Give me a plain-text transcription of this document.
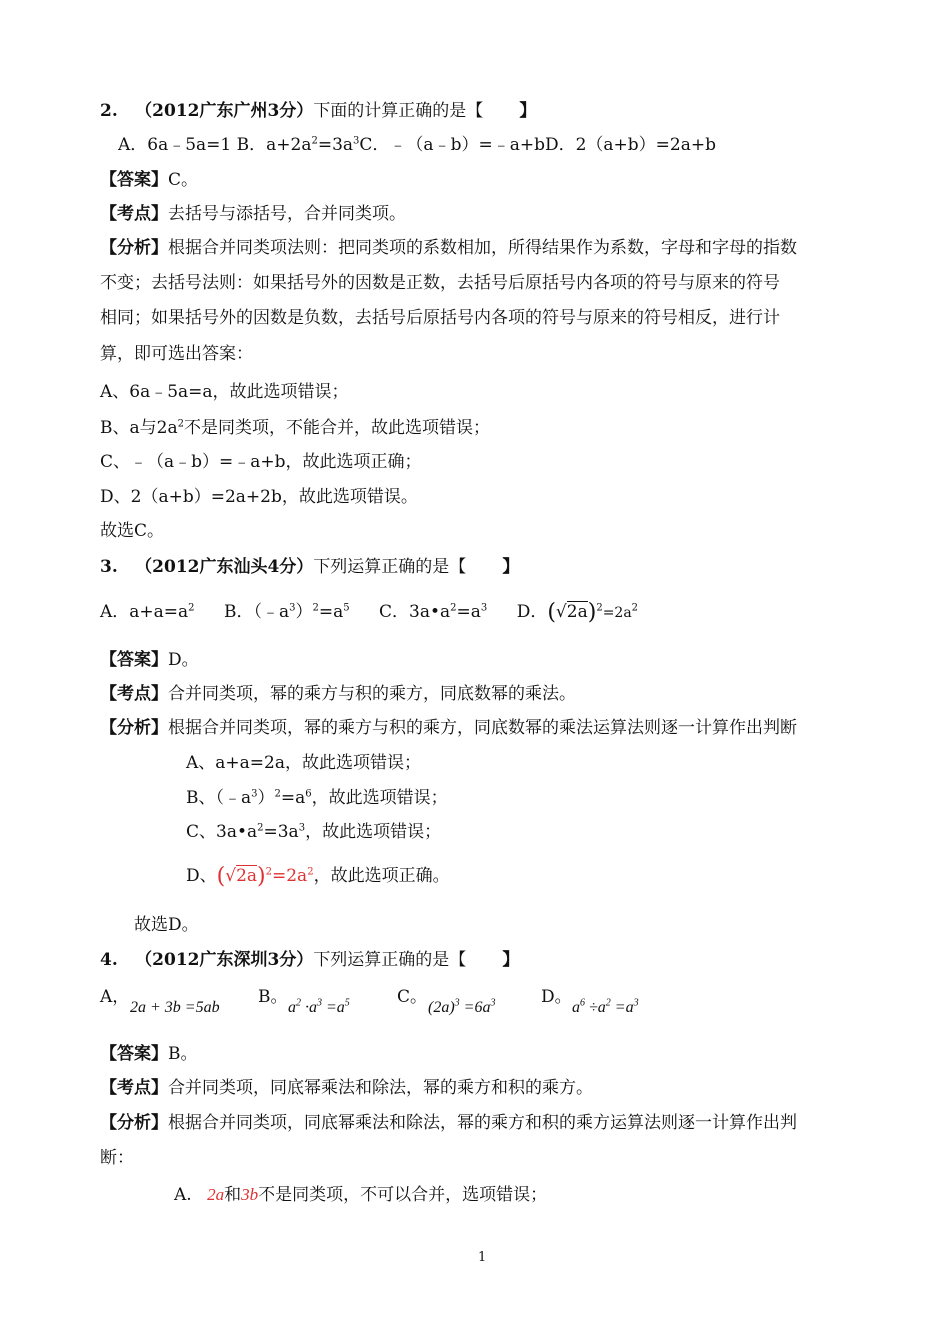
2. （2012广东广州3分）下面的计算正确的是【 】
A．6a﹣5a=1 B．$a+2a^2=3a^3C$．﹣（a﹣b）=﹣a+bD．2（a+b）=2a+b
【答案】C。
【考点】去括号与添括号，合并同类项。
【分析】根据合并同类项法则：把同类项的系数相加，所得结果作为系数，字母和字母的指数
不变；去括号法则：如果括号外的因数是正数，去括号后原括号内各项的符号与原来的符号
相同；如果括号外的因数是负数，去括号后原括号内各项的符号与原来的符号相反，进行计
算，即可选出答案：
A、6a﹣5a=a，故此选项错误；
B、a与$2a^2$不是同类项，不能合并，故此选项错误；
C、﹣（a﹣b）=﹣a+b，故此选项正确；
D、2（a+b）=2a+2b，故此选项错误。
故选C。
3. （2012广东汕头4分）下列运算正确的是【 】
A．$a+a=a^2$ B．$(﹣a^3)^2=a^5$ C．$3a•a^2=a^3$ D．$(√2a)^2=2a^2$
【答案】D。
【考点】合并同类项，幂的乘方与积的乘方，同底数幂的乘法。
【分析】根据合并同类项，幂的乘方与积的乘方，同底数幂的乘法运算法则逐一计算作出判断
A、a+a=2a，故此选项错误；
B、$(﹣a^3)^2=a^6$，故此选项错误；
C、$3a•a^2=3a^3$，故此选项错误；
D、$(√2a)^2=2a^2$，故此选项正确。
故选D。
4. （2012广东深圳3分）下列运算正确的是【 】
A，
2a + 3b =5ab
B。
$a^2 \cdot a^3 =a^5$	C。
$(2a)^3 =6a^3$	D。
$a^6 \div a^2 =a^3$
【答案】B。
【考点】合并同类项，同底幂乘法和除法，幂的乘方和积的乘方。
【分析】根据合并同类项，同底幂乘法和除法，幂的乘方和积的乘方运算法则逐一计算作出判
断：
A. 2a和3b不是同类项，不可以合并，选项错误；
1
